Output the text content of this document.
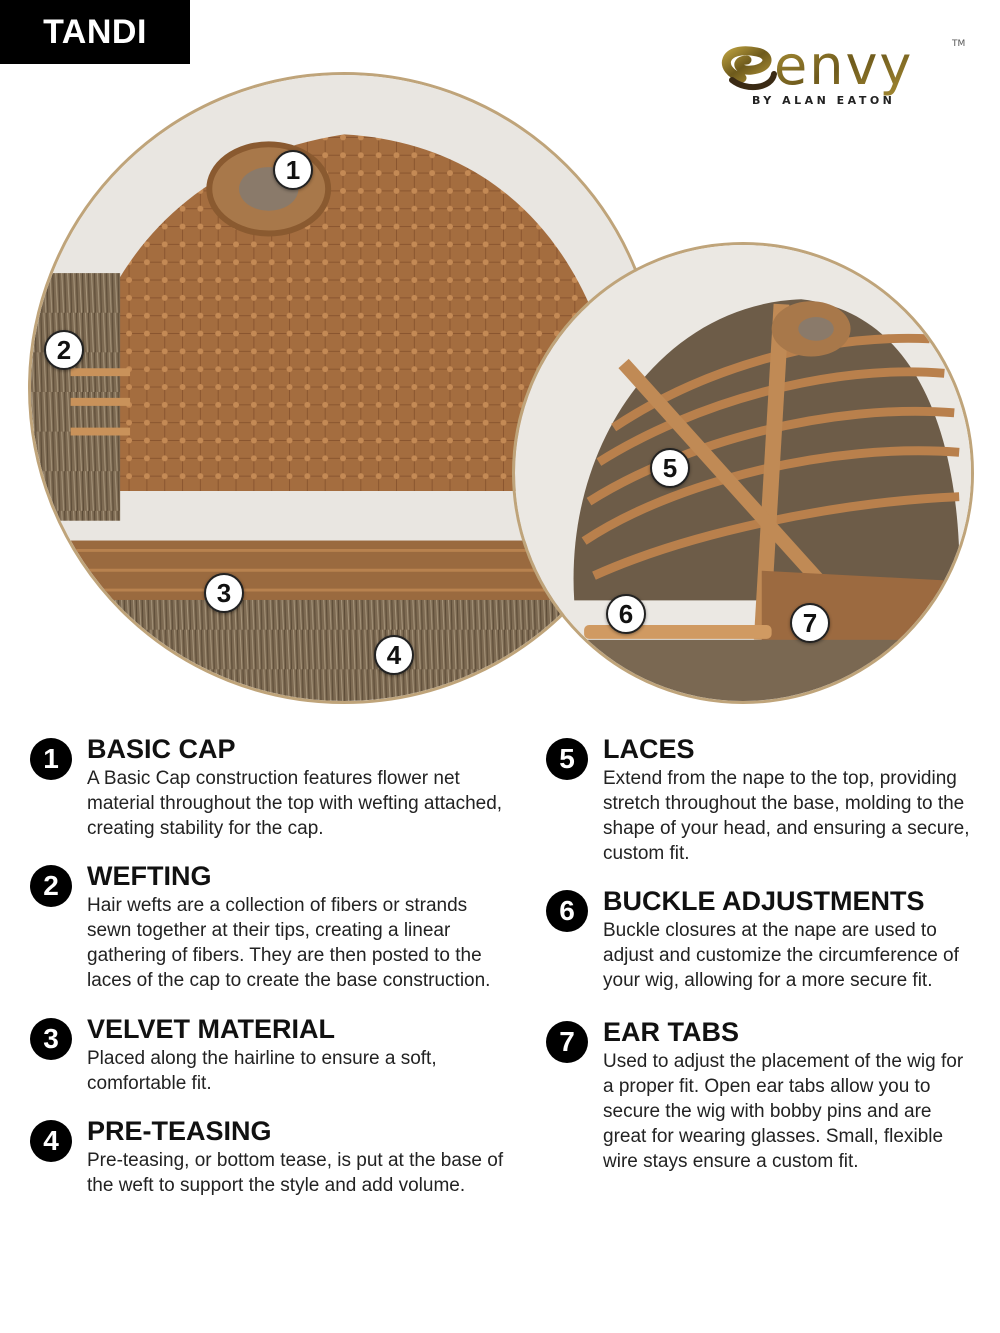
TANDI
envy	TM
BY ALAN EATON
1
2
3
4
5
6	7
1	BASIC CAP
A Basic Cap construction features flower net material throughout the top with wefting attached, creating stability for the cap.
2	WEFTING
Hair wefts are a collection of fibers or strands sewn together at their tips, creating a linear gathering of fibers. They are then posted to the laces of the cap to create the base construction.
3	VELVET MATERIAL
Placed along the hairline to ensure a soft, comfortable fit.
4	PRE-TEASING
Pre-teasing, or bottom tease, is put at the base of the weft to support the style and add volume.
5	LACES
Extend from the nape to the top, providing stretch throughout the base, molding to the shape of your head, and ensuring a secure, custom fit.
6	BUCKLE ADJUSTMENTS
Buckle closures at the nape are used to adjust and customize the circumference of your wig, allowing for a more secure fit.
7	EAR TABS
Used to adjust the placement of the wig for a proper fit. Open ear tabs allow you to secure the wig with bobby pins and are great for wearing glasses. Small, flexible wire stays ensure a custom fit.
